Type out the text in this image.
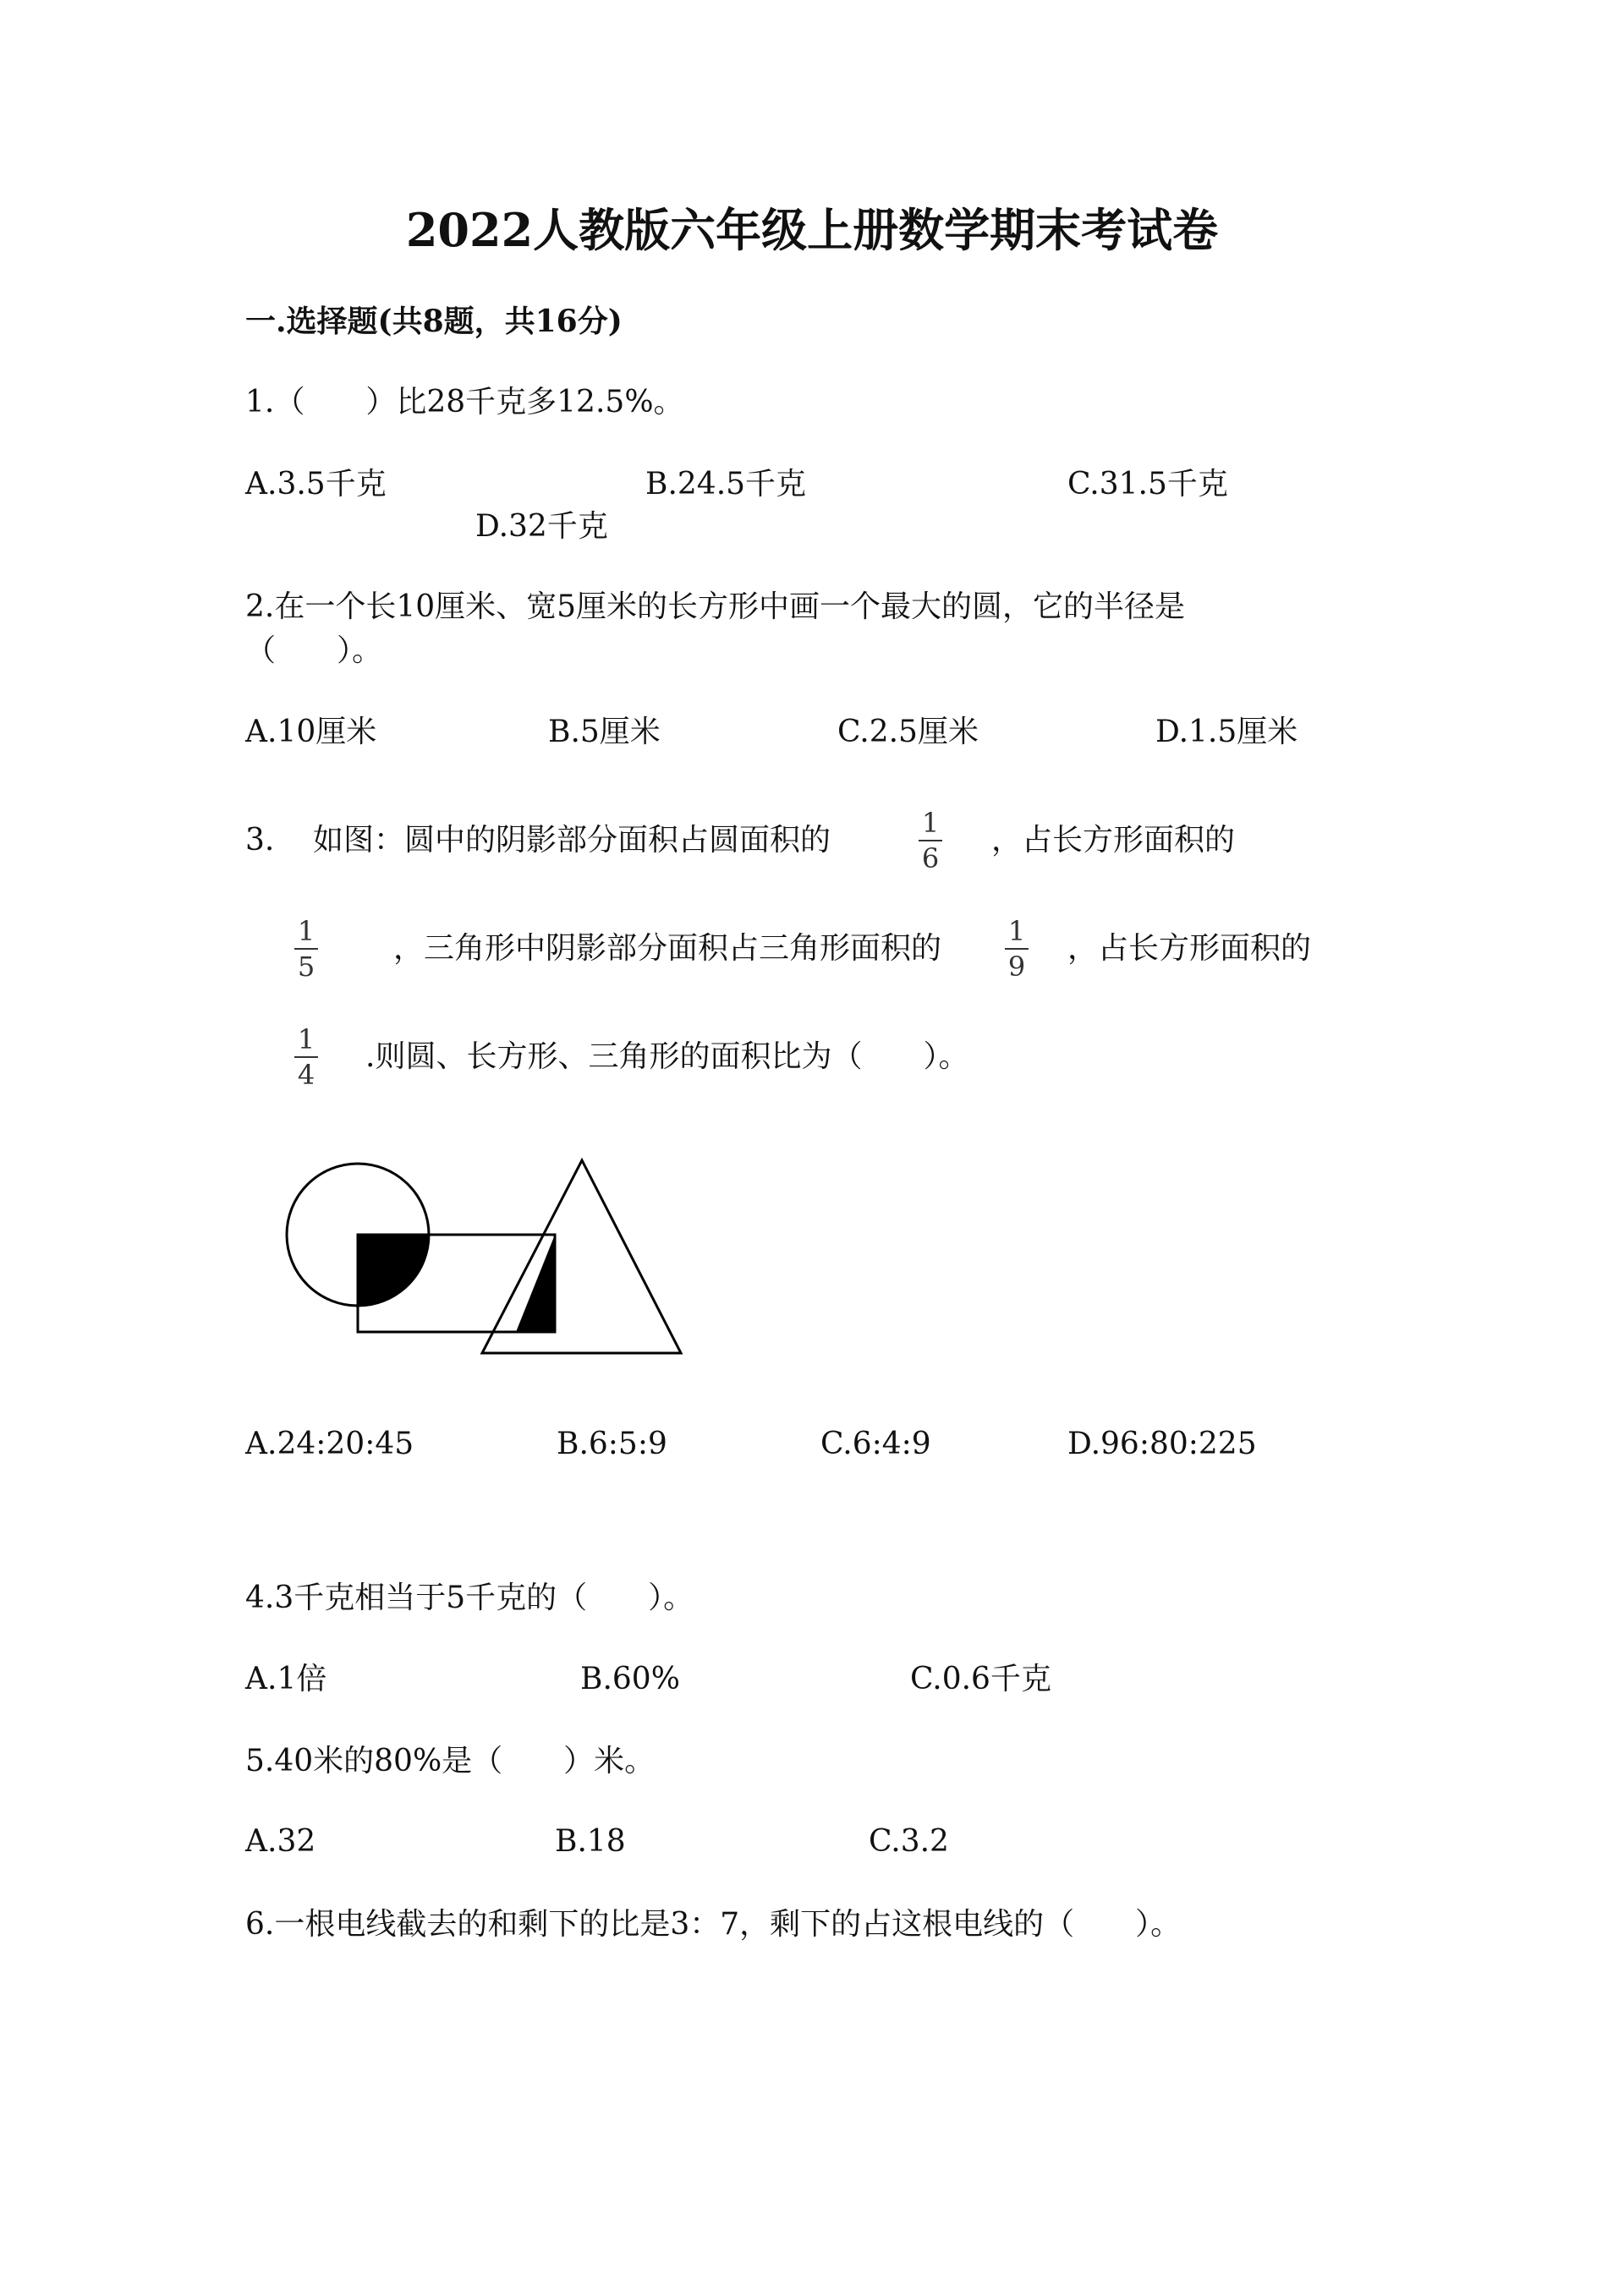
2022人教版六年级上册数学期末考试卷
一.选择题(共8题，共16分)
1.（　　）比28千克多12.5%。
A.3.5千克	B.24.5千克	C.31.5千克
D.32千克
2.在一个长10厘米、宽5厘米的长方形中画一个最大的圆，它的半径是
（　　）。
A.10厘米	B.5厘米	C.2.5厘米	D.1.5厘米
3. 如图：圆中的阴影部分面积占圆面积的	1
6
，占长方形面积的
1
5
，三角形中阴影部分面积占三角形面积的 1
9
，占长方形面积的
1
4
.则圆、长方形、三角形的面积比为（　　）。
A.24:20:45	B.6:5:9	C.6:4:9	D.96:80:225
4.3千克相当于5千克的（　　）。
A.1倍	B.60%	C.0.6千克
5.40米的80%是（　　）米。
A.32	B.18	C.3.2
6.一根电线截去的和剩下的比是3：7，剩下的占这根电线的（　　）。
